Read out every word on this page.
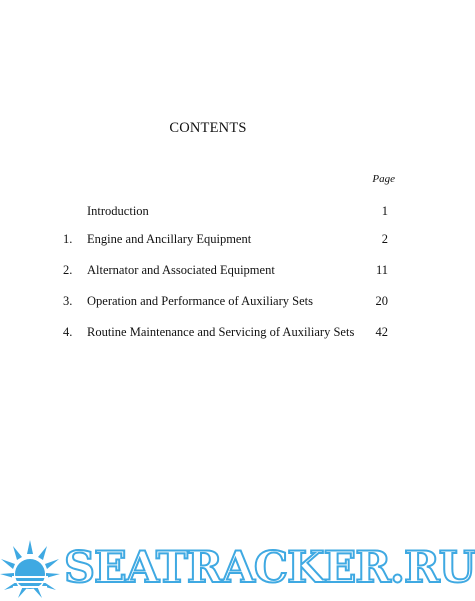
CONTENTS
Page
Introduction	1
1.	Engine and Ancillary Equipment	2
2.	Alternator and Associated Equipment	11
3.	Operation and Performance of Auxiliary Sets	20
4.	Routine Maintenance and Servicing of Auxiliary Sets 42
SEATRACKER.RU
